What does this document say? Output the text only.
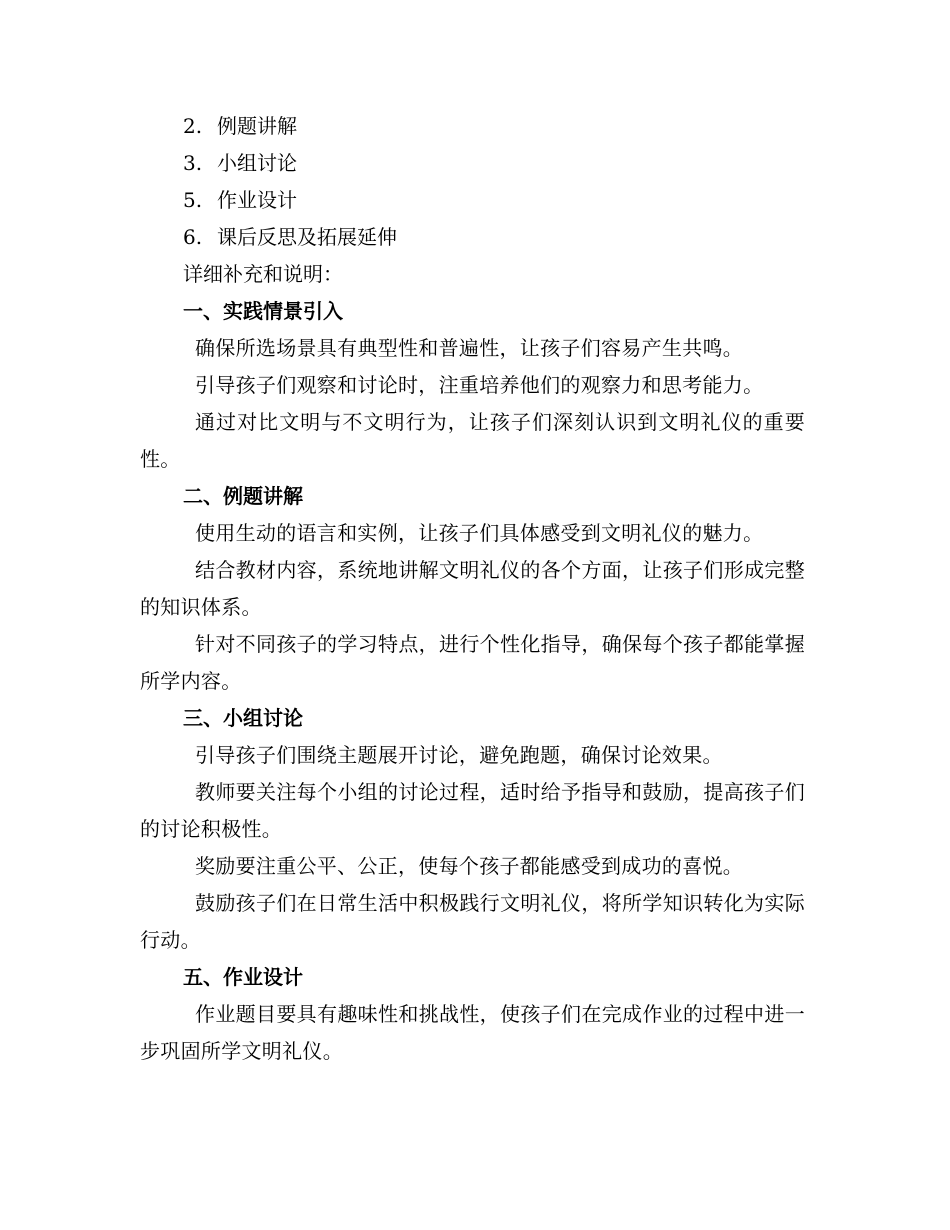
2. 例题讲解

3. 小组讨论

5. 作业设计

6. 课后反思及拓展延伸

详细补充和说明：

一、实践情景引入

确保所选场景具有典型性和普遍性，让孩子们容易产生共鸣。

引导孩子们观察和讨论时，注重培养他们的观察力和思考能力。

通过对比文明与不文明行为，让孩子们深刻认识到文明礼仪的重要性。

二、例题讲解

使用生动的语言和实例，让孩子们具体感受到文明礼仪的魅力。

结合教材内容，系统地讲解文明礼仪的各个方面，让孩子们形成完整的知识体系。

针对不同孩子的学习特点，进行个性化指导，确保每个孩子都能掌握所学内容。

三、小组讨论

引导孩子们围绕主题展开讨论，避免跑题，确保讨论效果。

教师要关注每个小组的讨论过程，适时给予指导和鼓励，提高孩子们的讨论积极性。

奖励要注重公平、公正，使每个孩子都能感受到成功的喜悦。

鼓励孩子们在日常生活中积极践行文明礼仪，将所学知识转化为实际行动。

五、作业设计

作业题目要具有趣味性和挑战性，使孩子们在完成作业的过程中进一步巩固所学文明礼仪。
